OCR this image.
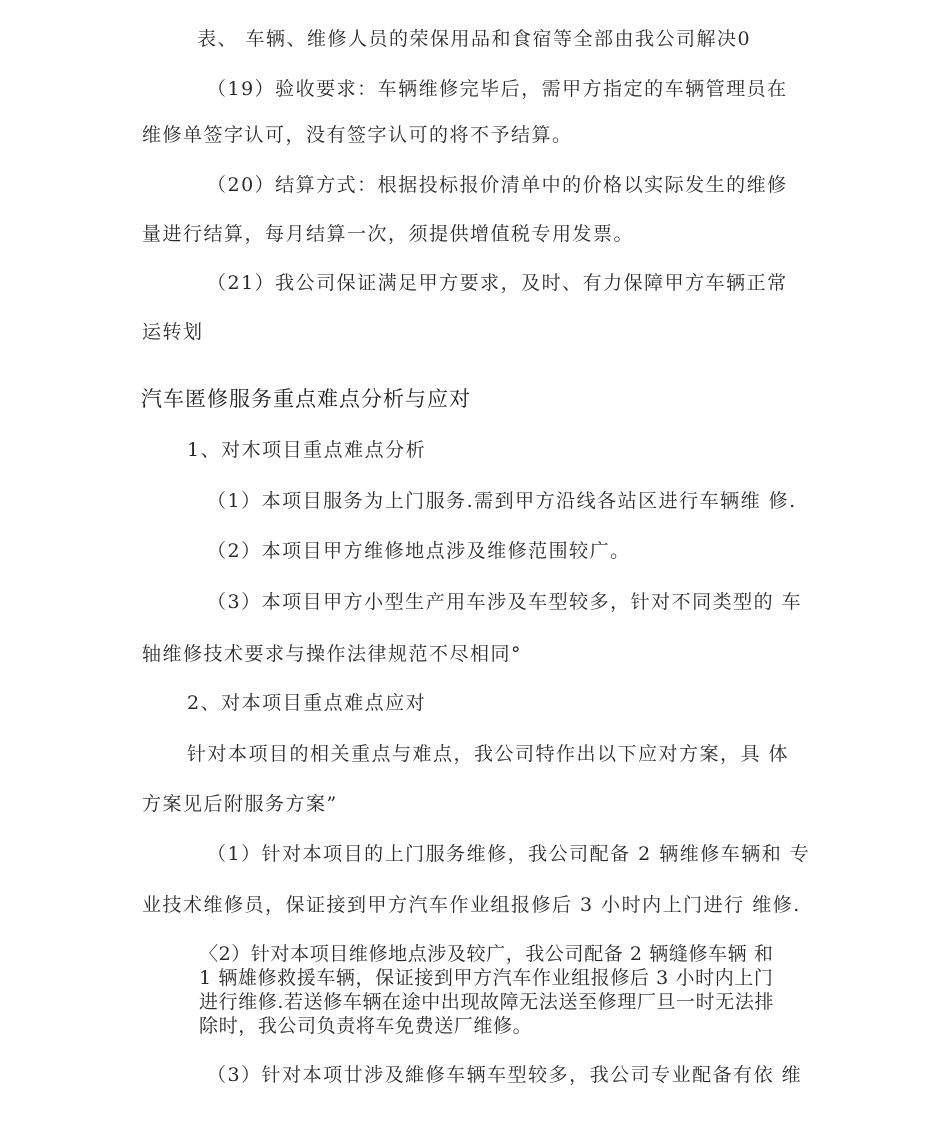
表、 车辆、维修人员的荣保用品和食宿等全部由我公司解决0
（19）验收要求：车辆维修完毕后，需甲方指定的车辆管理员在
维修单签字认可，没有签字认可的将不予结算。
（20）结算方式：根据投标报价清单中的价格以实际发生的维修
量进行结算，每月结算一次，须提供增值税专用发票。
（21）我公司保证满足甲方要求，及时、有力保障甲方车辆正常
运转划
汽车匿修服务重点难点分析与应对
1、对木项目重点难点分析
（1）本项目服务为上门服务.需到甲方沿线各站区进行车辆维 修.
（2）本项目甲方维修地点涉及维修范围较广。
（3）本项目甲方小型生产用车涉及车型较多，针对不同类型的 车
轴维修技术要求与操作法律规范不尽相同°
2、对本项目重点难点应对
针对本项目的相关重点与难点，我公司特作出以下应对方案，具 体
方案见后附服务方案”
（1）针对本项目的上门服务维修，我公司配备 2 辆维修车辆和 专
业技术维修员，保证接到甲方汽车作业组报修后 3 小时内上门进行 维修.

〈2）针对本项目维修地点涉及较广，我公司配备 2 辆缝修车辆 和

1 辆雄修救援车辆，保证接到甲方汽车作业组报修后 3 小时内上门

进行维修.若送修车辆在途中出现故障无法送至修理厂旦一时无法排

除时，我公司负责将车免费送厂维修。

（3）针对本项廿涉及維修车辆车型较多，我公司专业配备有依 维
